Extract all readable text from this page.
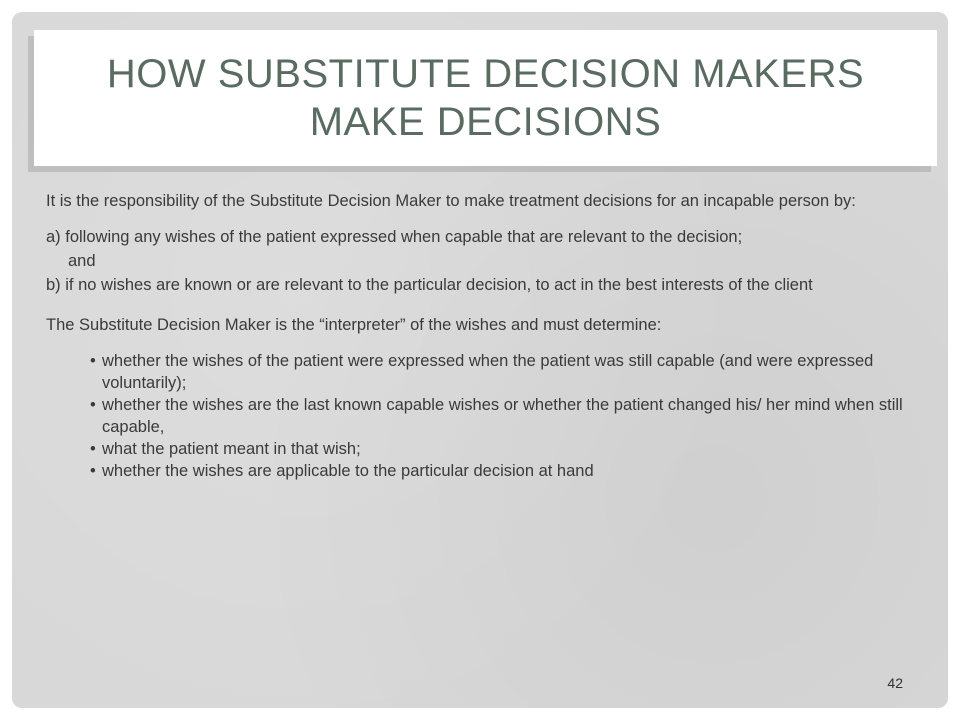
HOW SUBSTITUTE DECISION MAKERS
MAKE DECISIONS

It is the responsibility of the Substitute Decision Maker to make treatment decisions for an incapable person by:

a) following any wishes of the patient expressed when capable that are relevant to the decision;

and

b) if no wishes are known or are relevant to the particular decision, to act in the best interests of the client

The Substitute Decision Maker is the “interpreter” of the wishes and must determine:

• whether the wishes of the patient were expressed when the patient was still capable (and were expressed voluntarily);
• whether the wishes are the last known capable wishes or whether the patient changed his/ her mind when still capable,
• what the patient meant in that wish;
• whether the wishes are applicable to the particular decision at hand
42
